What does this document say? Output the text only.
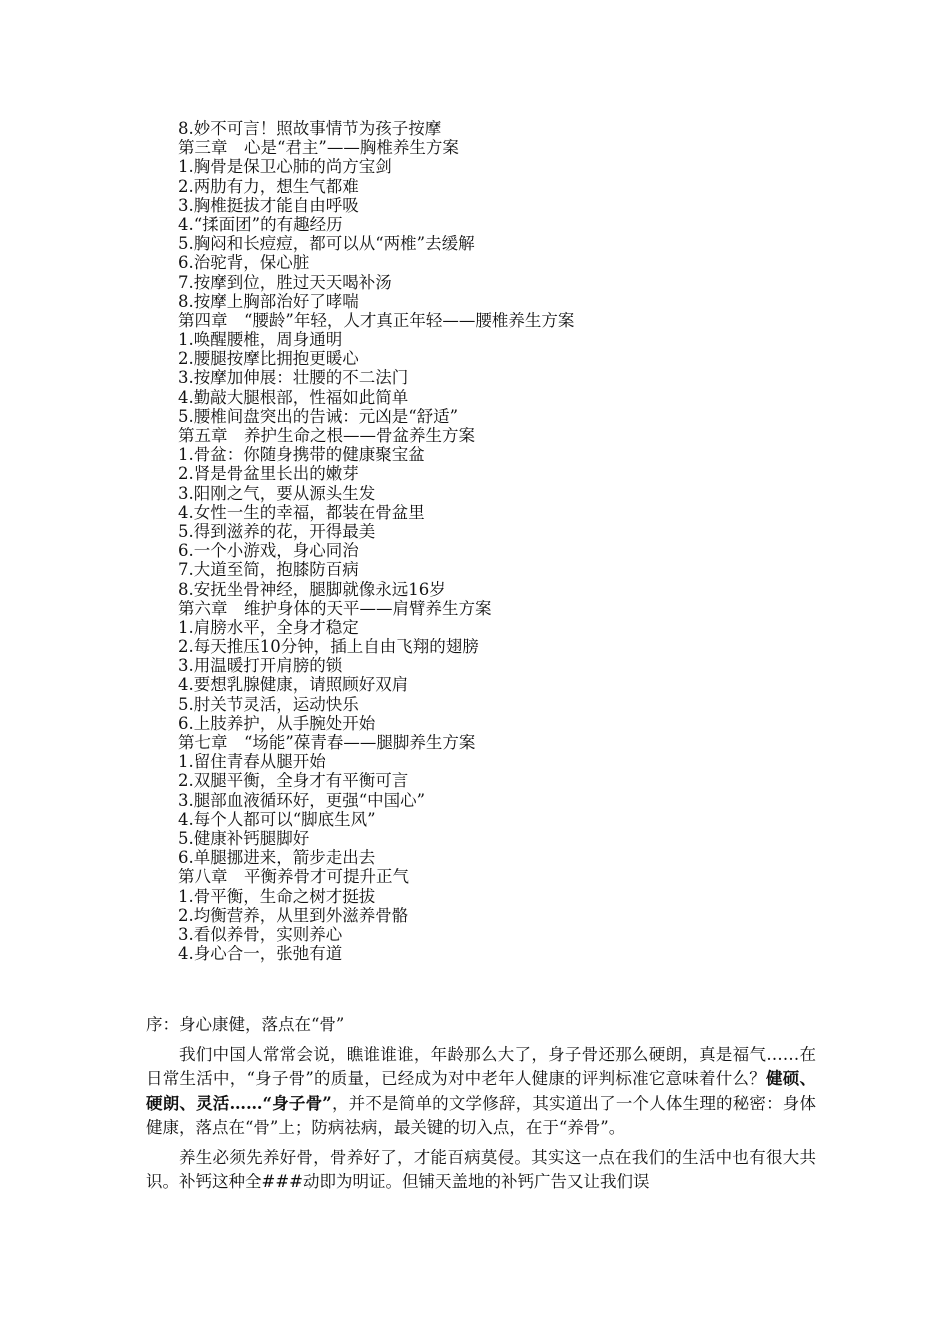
8.妙不可言！照故事情节为孩子按摩
第三章　心是“君主”——胸椎养生方案
1.胸骨是保卫心肺的尚方宝剑
2.两肋有力，想生气都难
3.胸椎挺拔才能自由呼吸
4.“揉面团”的有趣经历
5.胸闷和长痘痘，都可以从“两椎”去缓解
6.治驼背，保心脏
7.按摩到位，胜过天天喝补汤
8.按摩上胸部治好了哮喘
第四章　“腰龄”年轻，人才真正年轻——腰椎养生方案
1.唤醒腰椎，周身通明
2.腰腿按摩比拥抱更暖心
3.按摩加伸展：壮腰的不二法门
4.勤敲大腿根部，性福如此简单
5.腰椎间盘突出的告诫：元凶是“舒适”
第五章　养护生命之根——骨盆养生方案
1.骨盆：你随身携带的健康聚宝盆
2.肾是骨盆里长出的嫩芽
3.阳刚之气，要从源头生发
4.女性一生的幸福，都装在骨盆里
5.得到滋养的花，开得最美
6.一个小游戏，身心同治
7.大道至简，抱膝防百病
8.安抚坐骨神经，腿脚就像永远16岁
第六章　维护身体的天平——肩臂养生方案
1.肩膀水平，全身才稳定
2.每天推压10分钟，插上自由飞翔的翅膀
3.用温暖打开肩膀的锁
4.要想乳腺健康，请照顾好双肩
5.肘关节灵活，运动快乐
6.上肢养护，从手腕处开始
第七章　“场能”葆青春——腿脚养生方案
1.留住青春从腿开始
2.双腿平衡，全身才有平衡可言
3.腿部血液循环好，更强“中国心”
4.每个人都可以“脚底生风”
5.健康补钙腿脚好
6.单腿挪进来，箭步走出去
第八章　平衡养骨才可提升正气
1.骨平衡，生命之树才挺拔
2.均衡营养，从里到外滋养骨骼
3.看似养骨，实则养心
4.身心合一，张弛有道
序：身心康健，落点在“骨”

我们中国人常常会说，瞧谁谁谁，年龄那么大了，身子骨还那么硬朗，真是福气……在日常生活中，“身子骨”的质量，已经成为对中老年人健康的评判标准它意味着什么？健硕、硬朗、灵活……“身子骨”，并不是简单的文学修辞，其实道出了一个人体生理的秘密：身体健康，落点在“骨”上；防病祛病，最关键的切入点，在于“养骨”。

养生必须先养好骨，骨养好了，才能百病莫侵。其实这一点在我们的生活中也有很大共识。补钙这种全###动即为明证。但铺天盖地的补钙广告又让我们误
